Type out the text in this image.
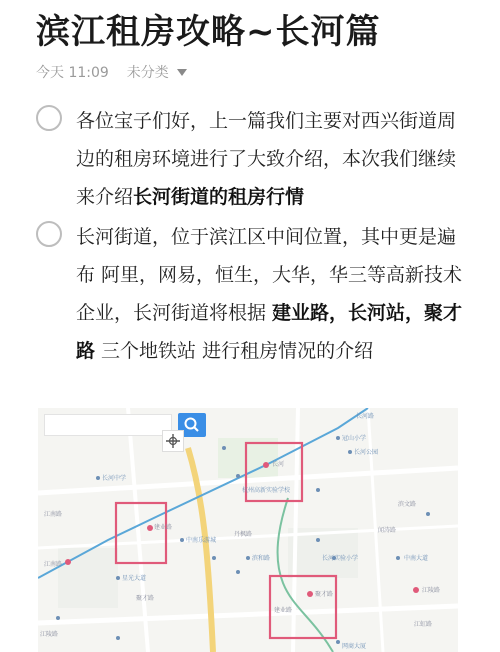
滨江租房攻略~长河篇
今天 11:09 未分类
各位宝子们好，上一篇我们主要对西兴街道周边的租房环境进行了大致介绍，本次我们继续来介绍长河街道的租房行情
长河街道，位于滨江区中间位置，其中更是遍布 阿里，网易，恒生，大华，华三等高新技术企业，长河街道将根据 建业路，长河站，聚才路 三个地铁站 进行租房情况的介绍
长河
建业路
聚才路
江南路
江陵路
长河路
冠山小学
长河公园
长河中学
江南路
滨文路
闻涛路
中南乐游城
滨和路
星光大道
丹枫路
江虹路
建业路
聚才路
江陵路
长河实验小学
杭州高新实验学校
中南大道
网商大厦
